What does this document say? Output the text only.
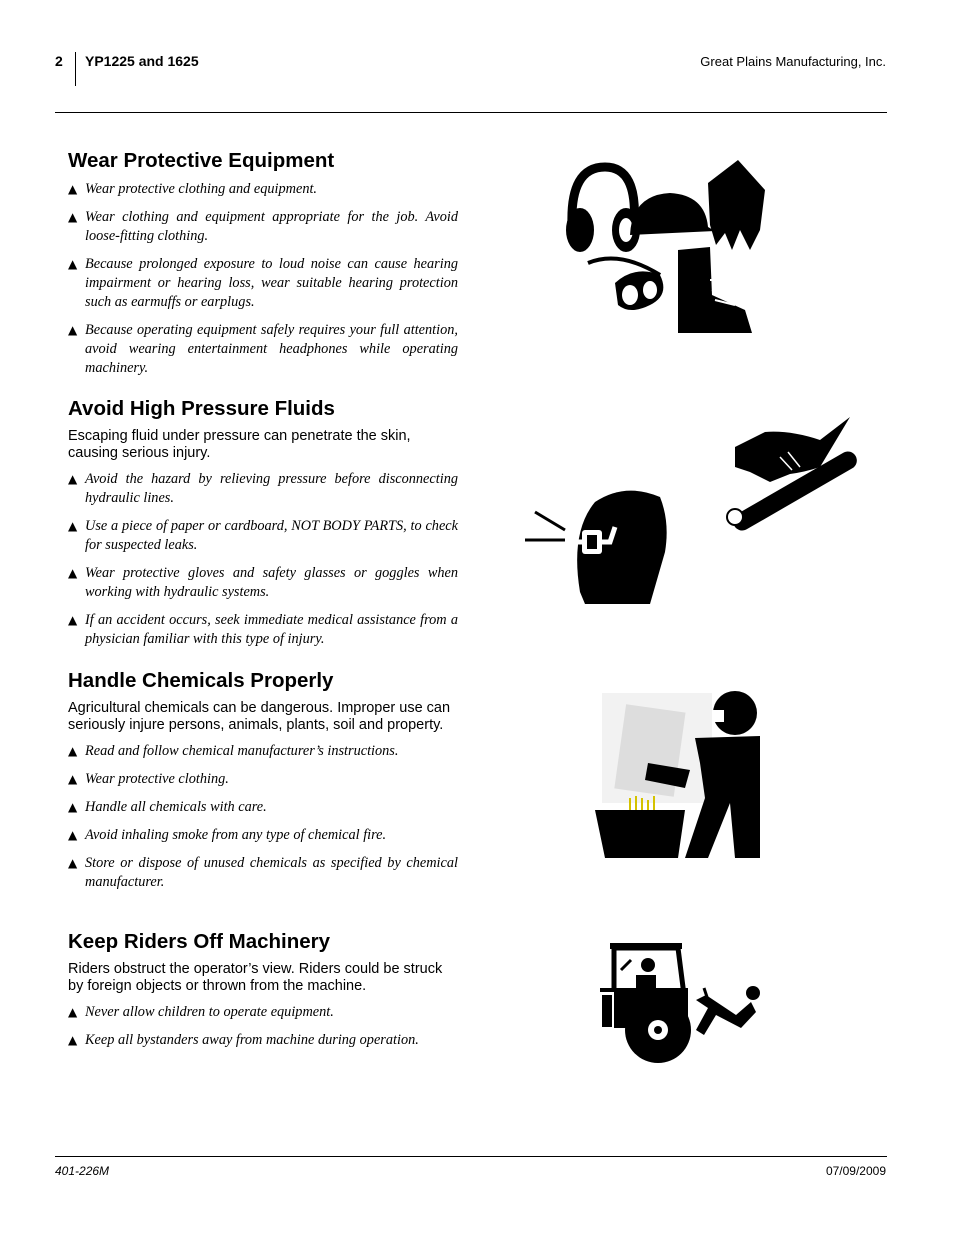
2 YP1225 and 1625	Great Plains Manufacturing, Inc.
Wear Protective Equipment
▲ Wear protective clothing and equipment.
▲ Wear clothing and equipment appropriate for the job. Avoid loose-fitting clothing.
▲ Because prolonged exposure to loud noise can cause hearing impairment or hearing loss, wear suitable hearing protection such as earmuffs or earplugs.
▲ Because operating equipment safely requires your full attention, avoid wearing entertainment headphones while operating machinery.
Avoid High Pressure Fluids

Escaping fluid under pressure can penetrate the skin, causing serious injury.

▲ Avoid the hazard by relieving pressure before disconnecting hydraulic lines.
▲ Use a piece of paper or cardboard, NOT BODY PARTS, to check for suspected leaks.
▲ Wear protective gloves and safety glasses or goggles when working with hydraulic systems.
▲ If an accident occurs, seek immediate medical assistance from a physician familiar with this type of injury.
Handle Chemicals Properly

Agricultural chemicals can be dangerous. Improper use can seriously injure persons, animals, plants, soil and property.

▲ Read and follow chemical manufacturer’s instructions.
▲ Wear protective clothing.
▲ Handle all chemicals with care.
▲ Avoid inhaling smoke from any type of chemical fire.
▲ Store or dispose of unused chemicals as specified by chemical manufacturer.
Keep Riders Off Machinery

Riders obstruct the operator’s view. Riders could be struck by foreign objects or thrown from the machine.

▲ Never allow children to operate equipment.
▲ Keep all bystanders away from machine during operation.
401-226M	07/09/2009
